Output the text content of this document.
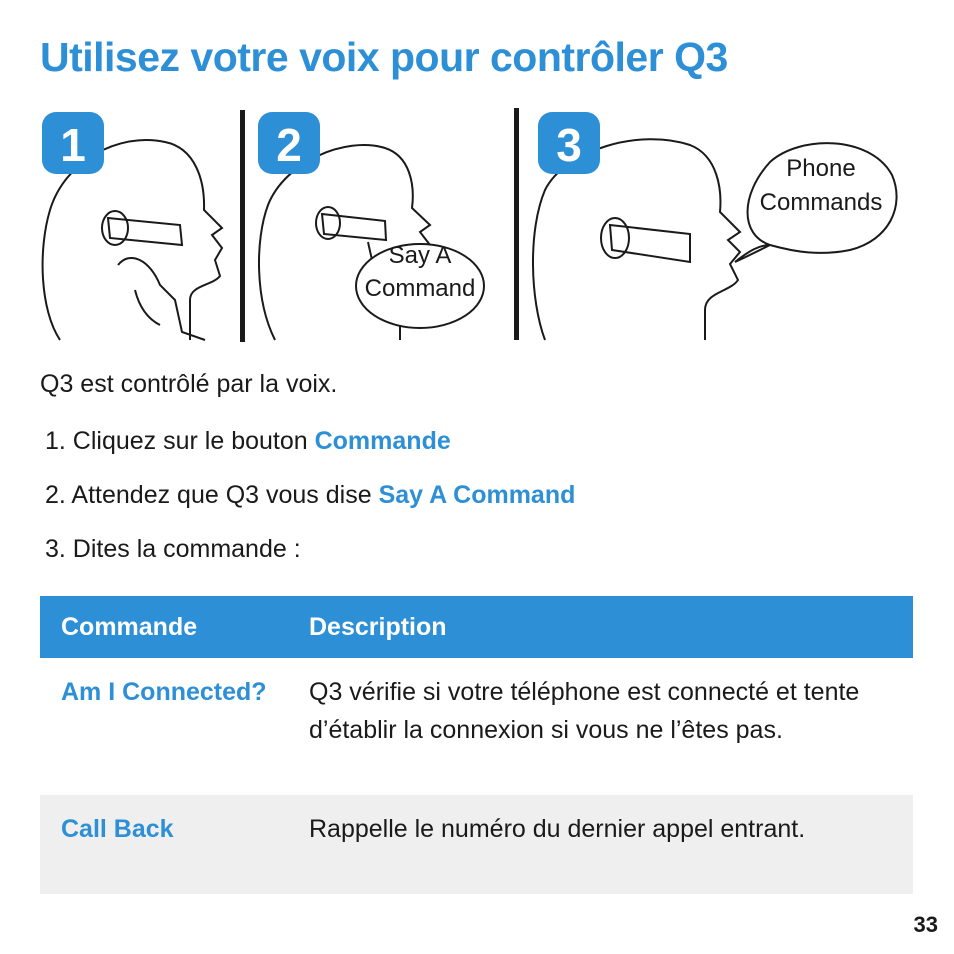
Utilisez votre voix pour contrôler Q3
Say A
Command
Phone
Commands
1	2	3
Q3 est contrôlé par la voix.
1. Cliquez sur le bouton Commande
2. Attendez que Q3 vous dise Say A Command
3. Dites la commande :
Commande	Description
Am I Connected?	Q3 vérifie si votre téléphone est connecté et tente d’établir la connexion si vous ne l’êtes pas.
Call Back	Rappelle le numéro du dernier appel entrant.
33
